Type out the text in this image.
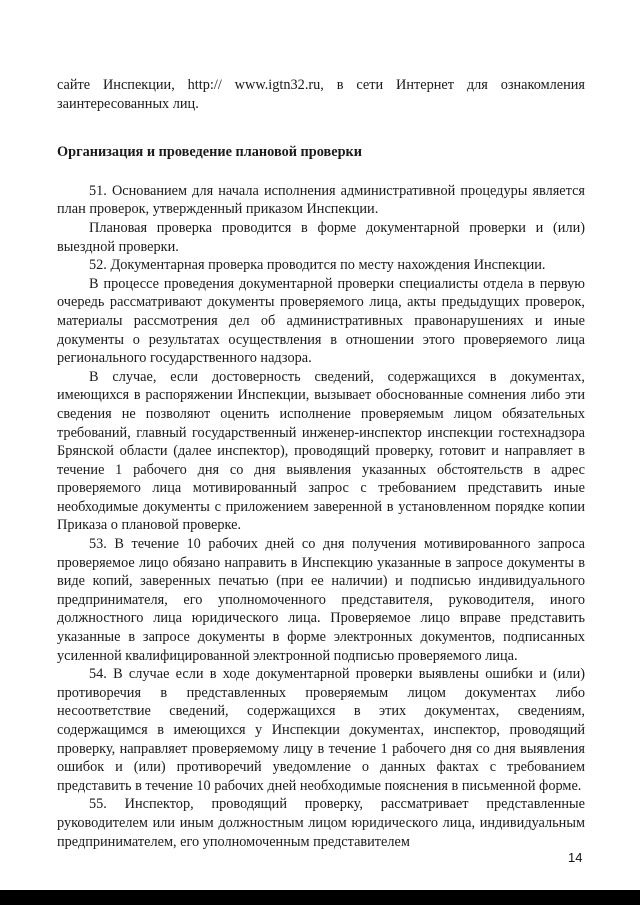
сайте Инспекции, http:// www.igtn32.ru, в сети Интернет для ознакомления заинтересованных лиц.

Организация и проведение плановой проверки

51. Основанием для начала исполнения административной процедуры является план проверок, утвержденный приказом Инспекции.

Плановая проверка проводится в форме документарной проверки и (или) выездной проверки.

52. Документарная проверка проводится по месту нахождения Инспекции.

В процессе проведения документарной проверки специалисты отдела в первую очередь рассматривают документы проверяемого лица, акты предыдущих проверок, материалы рассмотрения дел об административных правонарушениях и иные документы о результатах осуществления в отношении этого проверяемого лица регионального государственного надзора.

В случае, если достоверность сведений, содержащихся в документах, имеющихся в распоряжении Инспекции, вызывает обоснованные сомнения либо эти сведения не позволяют оценить исполнение проверяемым лицом обязательных требований, главный государственный инженер-инспектор инспекции гостехнадзора Брянской области (далее инспектор), проводящий проверку, готовит и направляет в течение 1 рабочего дня со дня выявления указанных обстоятельств в адрес проверяемого лица мотивированный запрос с требованием представить иные необходимые документы с приложением заверенной в установленном порядке копии Приказа о плановой проверке.

53. В течение 10 рабочих дней со дня получения мотивированного запроса проверяемое лицо обязано направить в Инспекцию указанные в запросе документы в виде копий, заверенных печатью (при ее наличии) и подписью индивидуального предпринимателя, его уполномоченного представителя, руководителя, иного должностного лица юридического лица. Проверяемое лицо вправе представить указанные в запросе документы в форме электронных документов, подписанных усиленной квалифицированной электронной подписью проверяемого лица.

54. В случае если в ходе документарной проверки выявлены ошибки и (или) противоречия в представленных проверяемым лицом документах либо несоответствие сведений, содержащихся в этих документах, сведениям, содержащимся в имеющихся у Инспекции документах, инспектор, проводящий проверку, направляет проверяемому лицу в течение 1 рабочего дня со дня выявления ошибок и (или) противоречий уведомление о данных фактах с требованием представить в течение 10 рабочих дней необходимые пояснения в письменной форме.

55. Инспектор, проводящий проверку, рассматривает представленные руководителем или иным должностным лицом юридического лица, индивидуальным предпринимателем, его уполномоченным представителем

14
